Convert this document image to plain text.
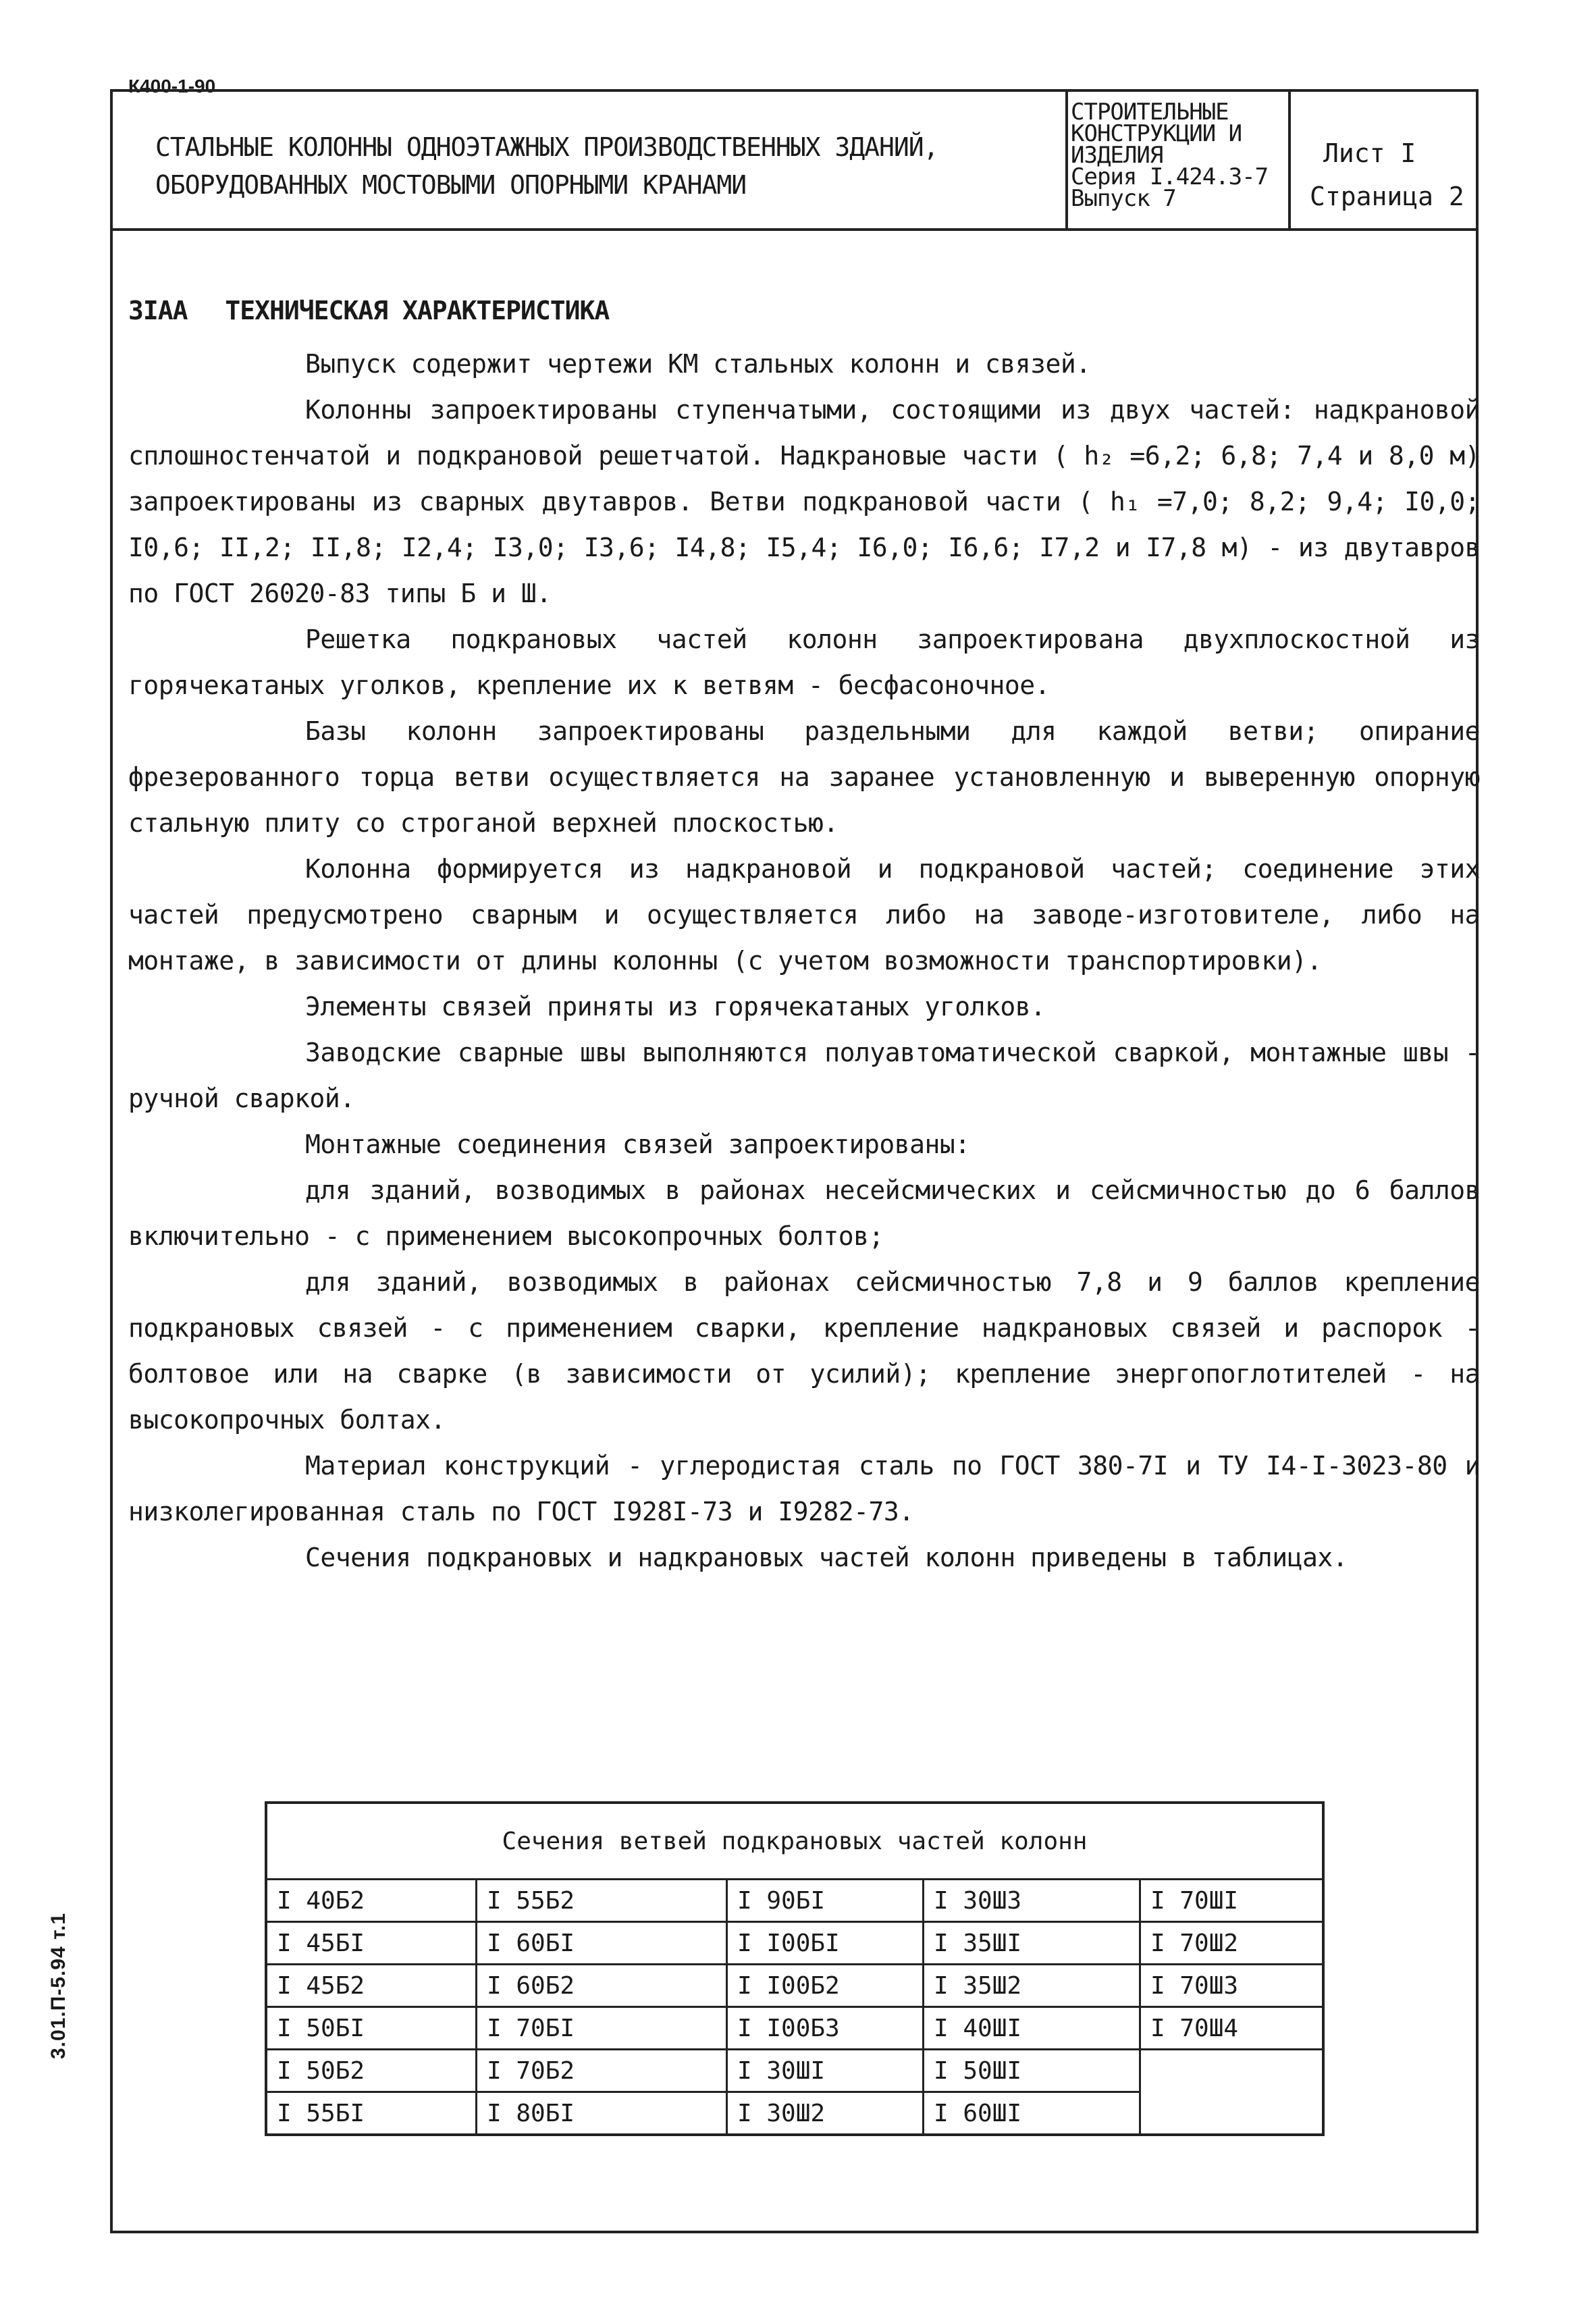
К400-1-90
СТАЛЬНЫЕ КОЛОННЫ ОДНОЭТАЖНЫХ ПРОИЗВОДСТВЕННЫХ ЗДАНИЙ,
ОБОРУДОВАННЫХ МОСТОВЫМИ ОПОРНЫМИ КРАНАМИ
СТРОИТЕЛЬНЫЕ
КОНСТРУКЦИИ И
ИЗДЕЛИЯ
Серия I.424.3-7
Выпуск 7
Лист I
Страница 2
ЗIАА ТЕХНИЧЕСКАЯ ХАРАКТЕРИСТИКА

Выпуск содержит чертежи КМ стальных колонн и связей.

Колонны запроектированы ступенчатыми, состоящими из двух частей: надкрановой сплошностенчатой и подкрановой решетчатой. Надкрановые части ( h₂ =6,2; 6,8; 7,4 и 8,0 м) запроектированы из сварных двутавров. Ветви подкрановой части ( h₁ =7,0; 8,2; 9,4; I0,0; I0,6; II,2; II,8; I2,4; I3,0; I3,6; I4,8; I5,4; I6,0; I6,6; I7,2 и I7,8 м) - из двутавров по ГОСТ 26020-83 типы Б и Ш.

Решетка подкрановых частей колонн запроектирована двухплоскостной из горячекатаных уголков, крепление их к ветвям - бесфасоночное.

Базы колонн запроектированы раздельными для каждой ветви; опирание фрезерованного торца ветви осуществляется на заранее установленную и выверенную опорную стальную плиту со строганой верхней плоскостью.

Колонна формируется из надкрановой и подкрановой частей; соединение этих частей предусмотрено сварным и осуществляется либо на заводе-изготовителе, либо на монтаже, в зависимости от длины колонны (с учетом возможности транспортировки).

Элементы связей приняты из горячекатаных уголков.

Заводские сварные швы выполняются полуавтоматической сваркой, монтажные швы - ручной сваркой.

Монтажные соединения связей запроектированы:

для зданий, возводимых в районах несейсмических и сейсмичностью до 6 баллов включительно - с применением высокопрочных болтов;

для зданий, возводимых в районах сейсмичностью 7,8 и 9 баллов крепление подкрановых связей - с применением сварки, крепление надкрановых связей и распорок - болтовое или на сварке (в зависимости от усилий); крепление энергопоглотителей - на высокопрочных болтах.

Материал конструкций - углеродистая сталь по ГОСТ 380-7I и ТУ I4-I-3023-80 и низколегированная сталь по ГОСТ I928I-73 и I9282-73.

Сечения подкрановых и надкрановых частей колонн приведены в таблицах.

Сечения ветвей подкрановых частей колонн				
I 40Б2	I 55Б2	I 90БI	I 30Ш3	I 70ШI
I 45БI	I 60БI	I I00БI	I 35ШI	I 70Ш2
I 45Б2	I 60Б2	I I00Б2	I 35Ш2	I 70Ш3
I 50БI	I 70БI	I I00Б3	I 40ШI	I 70Ш4
I 50Б2	I 70Б2	I 30ШI	I 50ШI	
I 55БI	I 80БI	I 30Ш2	I 60ШI	
3.01.П-5.94 т.1
